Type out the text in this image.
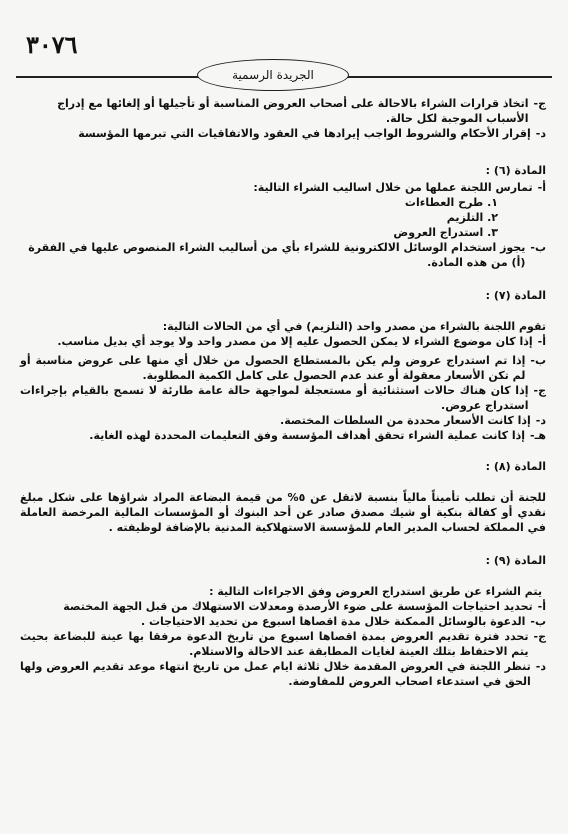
٣٠٧٦
الجريدة الرسمية
ج-
اتخاذ قرارات الشراء بالاحالة على أصحاب العروض المناسبة أو تأجيلها أو إلغائها مع إدراج الأسباب الموجبة لكل حالة.
د-
إقرار الأحكام والشروط الواجب إيرادها في العقود والاتفاقيات التي تبرمها المؤسسة

المادة (٦) :

أ-
تمارس اللجنة عملها من خلال اساليب الشراء التالية:

١. طرح العطاءات

٢. التلزيم

٣. استدراج العروض

ب-
يجوز استخدام الوسائل الالكترونية للشراء بأي من أساليب الشراء المنصوص عليها في الفقرة (أ) من هذه المادة.

المادة (٧) :

تقوم اللجنة بالشراء من مصدر واحد (التلزيم) في أي من الحالات التالية:

أ-
إذا كان موضوع الشراء لا يمكن الحصول عليه إلا من مصدر واحد ولا يوجد أي بديل مناسب.
ب-
إذا تم استدراج عروض ولم يكن بالمستطاع الحصول من خلال أي منها على عروض مناسبة أو لم تكن الأسعار معقولة أو عند عدم الحصول على كامل الكمية المطلوبة.
ج-
إذا كان هناك حالات استثنائية أو مستعجلة لمواجهة حالة عامة طارئة لا تسمح بالقيام بإجراءات استدراج عروض.
د-
إذا كانت الأسعار محددة من السلطات المختصة.
هـ-
إذا كانت عملية الشراء تحقق أهداف المؤسسة وفق التعليمات المحددة لهذه الغاية.

المادة (٨) :

للجنة أن تطلب تأميناً مالياً بنسبة لاتقل عن ٥% من قيمة البضاعة المراد شراؤها على شكل مبلغ نقدي أو كفالة بنكية أو شيك مصدق صادر عن أحد البنوك أو المؤسسات المالية المرخصة العاملة في المملكة لحساب المدير العام للمؤسسة الاستهلاكية المدنية بالإضافة لوظيفته .

المادة (٩) :

يتم الشراء عن طريق استدراج العروض وفق الاجراءات التالية :

أ-
تحديد احتياجات المؤسسة على ضوء الأرصدة ومعدلات الاستهلاك من قبل الجهة المختصة
ب-
الدعوة بالوسائل الممكنة خلال مدة اقصاها اسبوع من تحديد الاحتياجات .
ج-
تحدد فترة تقديم العروض بمدة اقصاها اسبوع من تاريخ الدعوة مرفقا بها عينة للبضاعة بحيث يتم الاحتفاظ بتلك العينة لغايات المطابقة عند الاحالة والاستلام.
د-
تنظر اللجنة في العروض المقدمة خلال ثلاثة ايام عمل من تاريخ انتهاء موعد تقديم العروض ولها الحق في استدعاء اصحاب العروض للمفاوضة.
